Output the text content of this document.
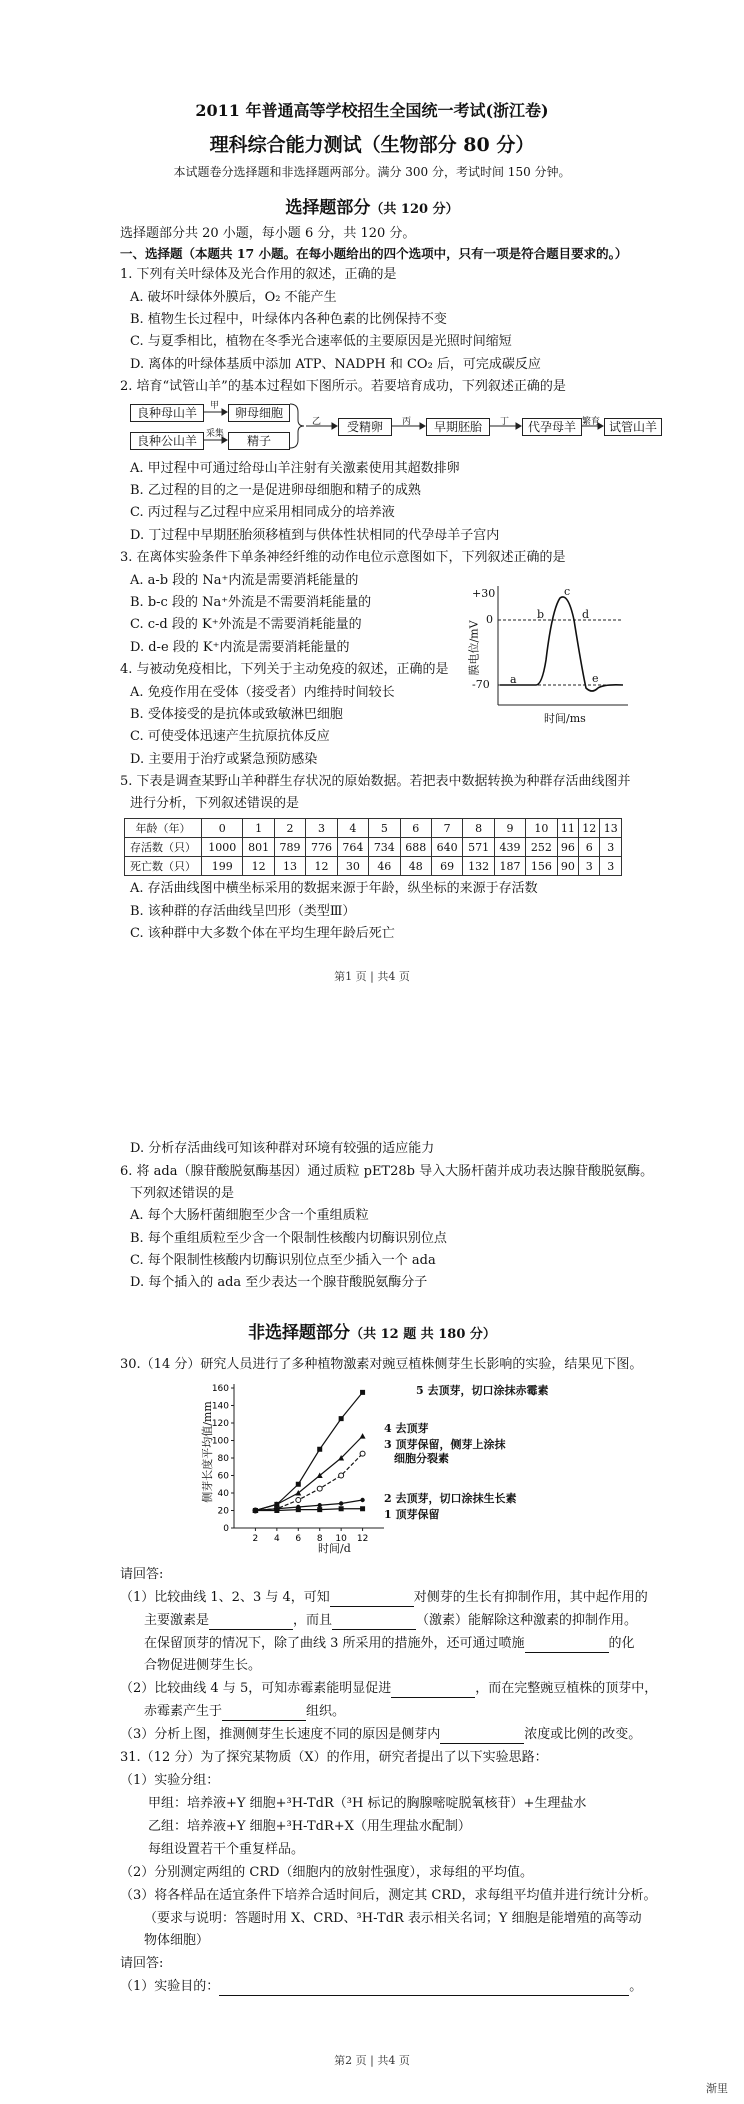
2011 年普通高等学校招生全国统一考试(浙江卷)
理科综合能力测试（生物部分 80 分）
本试题卷分选择题和非选择题两部分。满分 300 分，考试时间 150 分钟。
选择题部分（共 120 分）
选择题部分共 20 小题，每小题 6 分，共 120 分。
一、选择题（本题共 17 小题。在每小题给出的四个选项中，只有一项是符合题目要求的。）
1. 下列有关叶绿体及光合作用的叙述，正确的是
A. 破坏叶绿体外膜后，O₂ 不能产生
B. 植物生长过程中，叶绿体内各种色素的比例保持不变
C. 与夏季相比，植物在冬季光合速率低的主要原因是光照时间缩短
D. 离体的叶绿体基质中添加 ATP、NADPH 和 CO₂ 后，可完成碳反应
2. 培育“试管山羊”的基本过程如下图所示。若要培育成功，下列叙述正确的是
良种母山羊	卵母细胞
良种公山羊	精子
甲
采集
乙	受精卵	丙	早期胚胎	丁	代孕母羊 繁育 试管山羊
A. 甲过程中可通过给母山羊注射有关激素使用其超数排卵
B. 乙过程的目的之一是促进卵母细胞和精子的成熟
C. 丙过程与乙过程中应采用相同成分的培养液
D. 丁过程中早期胚胎须移植到与供体性状相同的代孕母羊子宫内
3. 在离体实验条件下单条神经纤维的动作电位示意图如下，下列叙述正确的是
A. a-b 段的 Na⁺内流是需要消耗能量的
B. b-c 段的 Na⁺外流是不需要消耗能量的
C. c-d 段的 K⁺外流是不需要消耗能量的
D. d-e 段的 K⁺内流是需要消耗能量的
+30
0
-70
膜电位/mV
时间/ms
a
b
c
d
e
4. 与被动免疫相比，下列关于主动免疫的叙述，正确的是
A. 免疫作用在受体（接受者）内维持时间较长
B. 受体接受的是抗体或致敏淋巴细胞
C. 可使受体迅速产生抗原抗体反应
D. 主要用于治疗或紧急预防感染
5. 下表是调查某野山羊种群生存状况的原始数据。若把表中数据转换为种群存活曲线图并
进行分析，下列叙述错误的是
年龄（年）	0	1	2	3	4	5	6	7	8	9	10	11	12	13
存活数（只）	1000	801	789	776	764	734	688	640	571	439	252	96	6	3
死亡数（只）	199	12	13	12	30	46	48	69	132	187	156	90	3	3
A. 存活曲线图中横坐标采用的数据来源于年龄，纵坐标的来源于存活数
B. 该种群的存活曲线呈凹形（类型Ⅲ）
C. 该种群中大多数个体在平均生理年龄后死亡
第1 页 | 共4 页
D. 分析存活曲线可知该种群对环境有较强的适应能力
6. 将 ada（腺苷酸脱氨酶基因）通过质粒 pET28b 导入大肠杆菌并成功表达腺苷酸脱氨酶。
下列叙述错误的是
A. 每个大肠杆菌细胞至少含一个重组质粒
B. 每个重组质粒至少含一个限制性核酸内切酶识别位点
C. 每个限制性核酸内切酶识别位点至少插入一个 ada
D. 每个插入的 ada 至少表达一个腺苷酸脱氨酶分子
非选择题部分（共 12 题 共 180 分）
30.（14 分）研究人员进行了多种植物激素对豌豆植株侧芽生长影响的实验，结果见下图。
0
20
40
60
80
100
120
140
160
2 4 6 8 10 12
侧芽长度平均值/mm
时间/d
5 去顶芽，切口涂抹赤霉素
4 去顶芽
3 顶芽保留，侧芽上涂抹
细胞分裂素
2 去顶芽，切口涂抹生长素
1 顶芽保留
请回答:
（1）比较曲线 1、2、3 与 4，可知	对侧芽的生长有抑制作用，其中起作用的
主要激素是	，而且	（激素）能解除这种激素的抑制作用。
在保留顶芽的情况下，除了曲线 3 所采用的措施外，还可通过喷施	的化
合物促进侧芽生长。
（2）比较曲线 4 与 5，可知赤霉素能明显促进	，而在完整豌豆植株的顶芽中，
赤霉素产生于	组织。
（3）分析上图，推测侧芽生长速度不同的原因是侧芽内	浓度或比例的改变。
31.（12 分）为了探究某物质（X）的作用，研究者提出了以下实验思路：
（1）实验分组：
甲组：培养液+Y 细胞+³H-TdR（³H 标记的胸腺嘧啶脱氧核苷）+生理盐水
乙组：培养液+Y 细胞+³H-TdR+X（用生理盐水配制）
每组设置若干个重复样品。
（2）分别测定两组的 CRD（细胞内的放射性强度），求每组的平均值。
（3）将各样品在适宜条件下培养合适时间后，测定其 CRD，求每组平均值并进行统计分析。
（要求与说明：答题时用 X、CRD、³H-TdR 表示相关名词；Y 细胞是能增殖的高等动
物体细胞）
请回答:
（1）实验目的：	。
第2 页 | 共4 页
渐里
